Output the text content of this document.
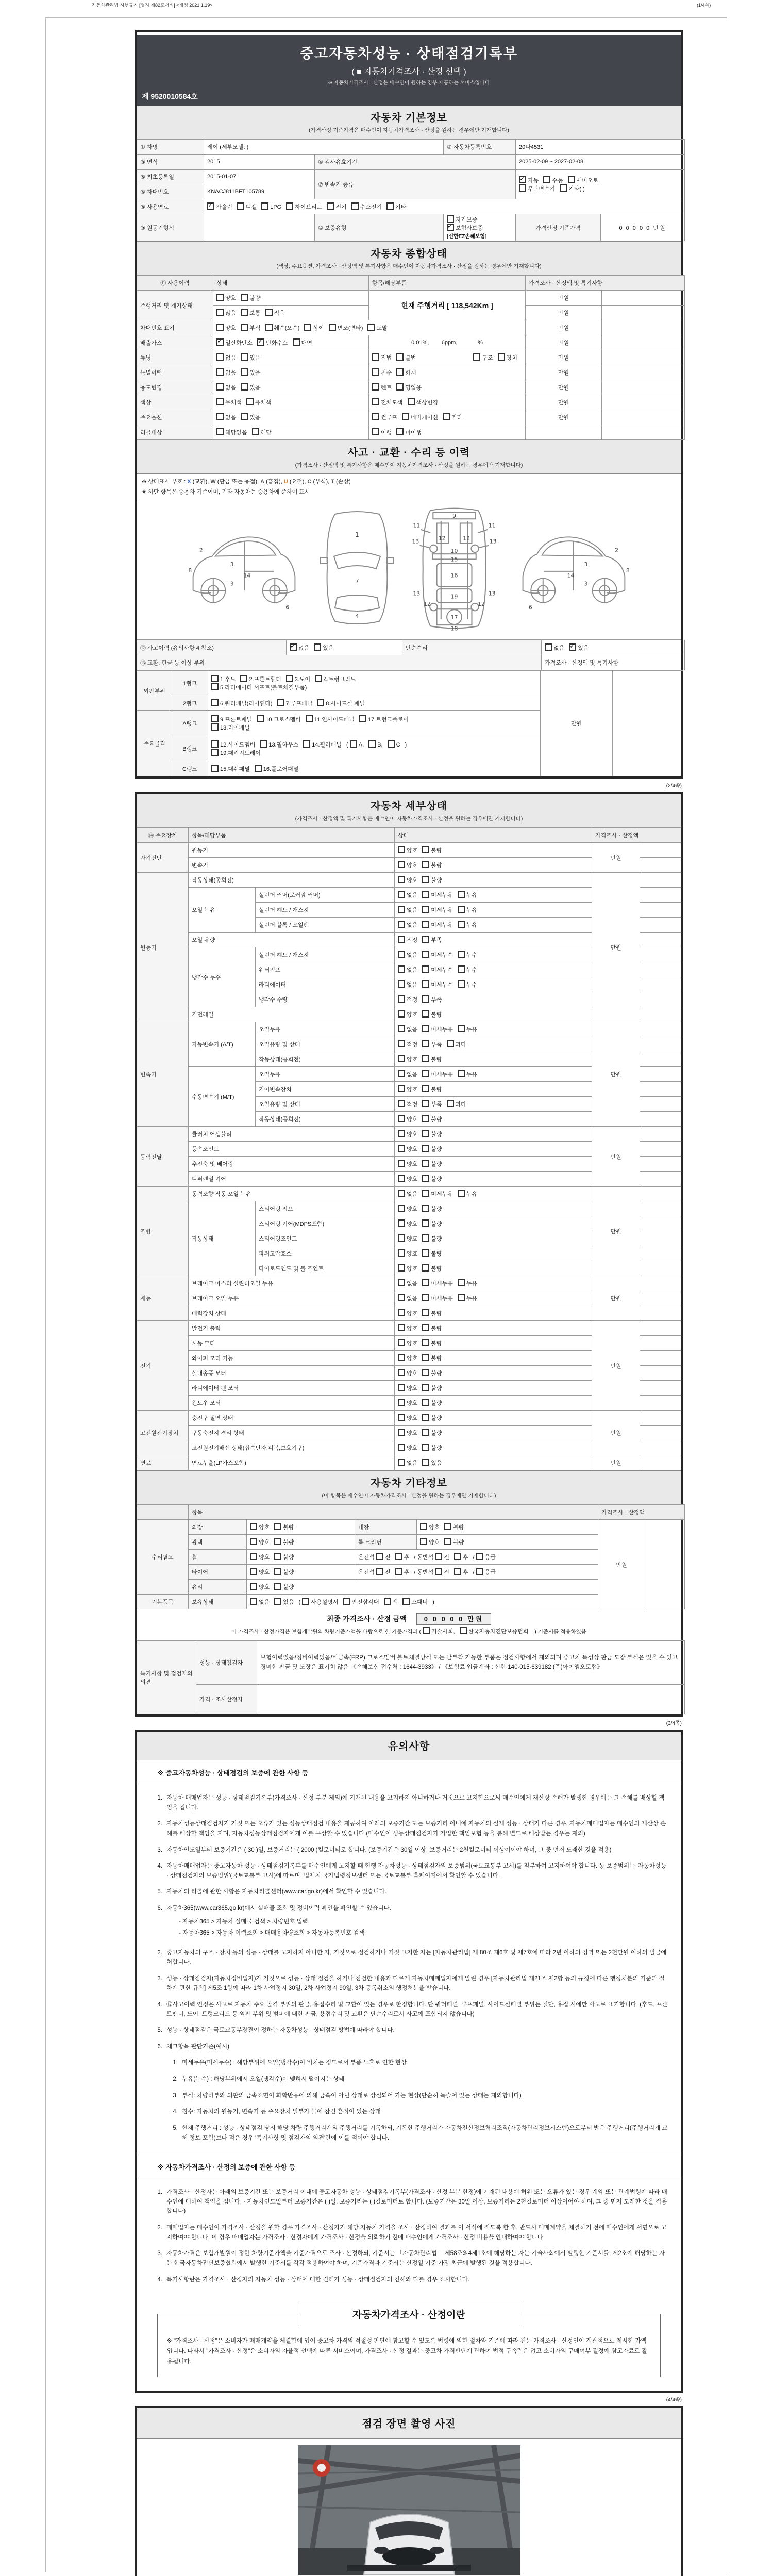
자동차관리법 시행규칙 [별지 제82호서식] <개정 2021.1.19>	(1/4쪽)
중고자동차성능 · 상태점검기록부
( ■ 자동차가격조사 · 산정 선택 )
※ 자동차가격조사 · 산정은 매수인이 원하는 경우 제공하는 서비스입니다
제 9520010584호
자동차 기본정보
(가격산정 기준가격은 매수인이 자동차가격조사 · 산정을 원하는 경우에만 기재합니다)
① 차명	레이 (세부모델: )		② 자동차등록번호	20다4531	
③ 연식	2015	④ 검사유효기간		2025-02-09 ~ 2027-02-08	
⑤ 최초등록일	2015-01-07	⑦ 변속기 종류	
✓자동 수동 세미오토
무단변속기 기타( )

⑥ 차대번호	KNACJ811BFT105789				
⑧ 사용연료	✓가솔린 디젤 LPG 하이브리드 전기 수소전기 기타
⑨ 원동기형식		⑩ 보증유형	자가보증✓보험사보증[신한EZ손해보험]	가격산정 기준가격	0 0 0 0 0 만원
자동차 종합상태
(색상, 주요옵션, 가격조사 · 산정액 및 특기사항은 매수인이 자동차가격조사 · 산정을 원하는 경우에만 기재합니다)
⑪ 사용이력	상태	항목/해당부품	가격조사 · 산정액 및 특기사항	
주행거리 및 계기상태	양호 불량	현재 주행거리 [ 118,542Km ]	만원	
	많음 보통 적음		만원	
차대번호 표기	양호 부식 훼손(오손) 상이 변조(변타) 도말		만원	
배출가스	✓일산화탄소 ✓ 탄화수소 매연	0.01%,        6ppm,             %	만원	
튜닝	없음 있음	적법 불법 구조 장치	만원	
특별이력	없음 있음	침수 화재	만원	
용도변경	없음 있음	렌트 영업용	만원	
색상	무채색 유채색	전체도색 색상변경	만원	
주요옵션	없음 있음	썬루프 네비게이션 기타	만원	
리콜대상	해당없음 해당	이행 미이행		
사고 · 교환 · 수리 등 이력
(가격조사 · 산정액 및 특기사항은 매수인이 자동차가격조사 · 산정을 원하는 경우에만 기재합니다)
※ 상태표시 부호 : X (교환), W (판금 또는 용접), A (흠집), U (요철), C (부식), T (손상)
※ 하단 항목은 승용차 기준이며, 기타 자동차는 승용차에 준하여 표시
2
8
3
14
3
6
1
7
4
11
9
11
13	12	12	13
10
15
16
13	19	13
12
17
12
18
2
8
3
14
3
6
⑫ 사고이력 (유의사항 4.참조)	✓없음 있음	단순수리	없음 ✓ 있음
⑬ 교환, 판금 등 이상 부위			가격조사 · 산정액 및 특기사항
외판부위	1랭크	1.후드 2.프론트휀더 3.도어 4.트렁크리드
5.라디에이터 서포트(볼트체결부품)	만원	
	2랭크	6.쿼터패널(리어휀다) 7.루프패널 8.사이드실 패널		

주요골격	A랭크	9.프론트패널 10.크로스멤버 11.인사이드패널 17.트렁크플로어
18.리어패널		

	B랭크	12.사이드멤버 13.휠하우스 14.필러패널 ( A, B, C )
19.패키지트레이		

	C랭크	15.대쉬패널 16.플로어패널		
(2/4쪽)
자동차 세부상태
(가격조사 · 산정액 및 특기사항은 매수인이 자동차가격조사 · 산정을 원하는 경우에만 기재합니다)
⑭ 주요장치	항목/해당부품		상태	가격조사 · 산정액	
자기진단	원동기		양호 불량	만원	
	변속기		양호 불량		
원동기	작동상태(공회전)		양호 불량	만원	
	오일 누유	실린더 커버(로커암 커버)	없음 미세누유 누유		
		실린더 헤드 / 개스킷	없음 미세누유 누유		
		실린더 블록 / 오일팬	없음 미세누유 누유		
	오일 유량		적정 부족		
	냉각수 누수	실린더 헤드 / 개스킷	없음 미세누수 누수		
		워터펌프	없음 미세누수 누수		
		라디에이터	없음 미세누수 누수		
		냉각수 수량	적정 부족		
	커먼레일		양호 불량		
변속기	자동변속기 (A/T)	오일누유	없음 미세누유 누유	만원	
		오일유량 및 상태	적정 부족 과다		
		작동상태(공회전)	양호 불량		
	수동변속기 (M/T)	오일누유	없음 미세누유 누유		
		기어변속장치	양호 불량		
		오일유량 및 상태	적정 부족 과다		
		작동상태(공회전)	양호 불량		
동력전달	클러치 어셈블리		양호 불량	만원	
	등속조인트		양호 불량		
	추진축 및 베어링		양호 불량		
	디퍼렌셜 기어		양호 불량		
조향	동력조향 작동 오일 누유		없음 미세누유 누유	만원	
	작동상태	스티어링 펌프	양호 불량		
		스티어링 기어(MDPS포함)	양호 불량		
		스티어링조인트	양호 불량		
		파워고압호스	양호 불량		
		타이로드엔드 및 볼 조인트	양호 불량		
제동	브레이크 마스터 실린더오일 누유		없음 미세누유 누유	만원	
	브레이크 오일 누유		없음 미세누유 누유		
	배력장치 상태		양호 불량		
전기	발전기 출력		양호 불량	만원	
	시동 모터		양호 불량		
	와이퍼 모터 기능		양호 불량		
	실내송풍 모터		양호 불량		
	라디에이터 팬 모터		양호 불량		
	윈도우 모터		양호 불량		
고전원전기장치	충전구 절연 상태		양호 불량	만원	
	구동축전지 격리 상태		양호 불량		
	고전원전기배선 상태(접속단자,피복,보호기구)		양호 불량		
연료	연료누출(LP가스포함)		없음 있음	만원	
자동차 기타정보
(이 항목은 매수인이 자동차가격조사 · 산정을 원하는 경우에만 기재합니다)
	항목				가격조사 · 산정액	
수리필요	외장	양호 불량	내장	양호 불량	만원	
	광택	양호 불량	룸 크리닝	양호 불량		
	휠	양호 불량	운전석 전 후 / 동반석 전 후 / 응급			
	타이어	양호 불량	운전석 전 후 / 동반석 전 후 / 응급			
	유리	양호 불량				
기본품목	보유상태	없음 있음 ( 사용설명서 안전삼각대 잭 스패너 )				
최종 가격조사 · 산정 금액	0 0 0 0 0 만원
이 가격조사 · 산정가격은 보험개발원의 차량기준가액을 바탕으로 한 기준가격과 ( 기술사회, 한국자동차진단보증협회 ) 기준서를 적용하였음
특기사항 및 점검자의 의견	성능 · 상태점검자	보험이력있음/정비이력있음/비금속(FRP),크로스멤버 볼트체결방식 또는 탈부착 가능한 부품은 점검사항에서 제외되며 중고차 특성상 판금 도장 부식은 있을 수 있고 경미한 판금 및 도장은 표기치 않음 《손해보험 접수처 : 1644-3933》 / 《보험료 입금계좌 : 신한 140-015-639182 (주)아이엠오토랩》
	가격 · 조사산정자	
(3/4쪽)
유의사항
※ 중고자동차성능 · 상태점검의 보증에 관한 사항 등
1. 자동차 매매업자는 성능 · 상태점검기록부(가격조사 · 산정 부분 제외)에 기재된 내용을 고지하지 아니하거나 거짓으로 고지함으로써 매수인에게 재산상 손해가 발생한 경우에는 그 손해를 배상할 책임을 집니다.
2. 자동차성능상태점검자가 거짓 또는 오류가 있는 성능상태점검 내용을 제공하여 아래의 보증기간 또는 보증거리 이내에 자동차의 실제 성능 · 상태가 다른 경우, 자동차매매업자는 매수인의 재산상 손해를 배상할 책임을 지며, 자동차성능상태점검자에게 이를 구상할 수 있습니다.(매수인이 성능상태점검자가 가입한 책임보험 등을 통해 별도로 배상받는 경우는 제외)
3. 자동차인도일부터 보증기간은 ( 30 )일, 보증거리는 ( 2000 )킬로미터로 합니다. (보증기간은 30일 이상, 보증거리는 2천킬로미터 이상이어야 하며, 그 중 먼저 도래한 것을 적용)
4. 자동차매매업자는 중고자동차 성능 · 상태점검기록부를 매수인에게 고지할 때 현행 자동차성능 · 상태점검자의 보증범위(국토교통부 고시)를 첨부하여 고지하여야 합니다. 동 보증범위는 '자동차성능 · 상태점검자의 보증범위'(국토교통부 고시)에 따르며, 법제처 국가법령정보센터 또는 국토교통부 홈페이지에서 확인할 수 있습니다.
5. 자동차의 리콜에 관한 사항은 자동차리콜센터(www.car.go.kr)에서 확인할 수 있습니다.
6. 자동차365(www.car365.go.kr)에서 실매물 조회 및 정비이력 확인을 확인할 수 있습니다.
- 자동차365 > 자동차 실매물 검색 > 차량번호 입력
- 자동차365 > 자동차 이력조회 > 매매용차량조회 > 자동차등록번호 검색
2. 중고자동차의 구조 · 장치 등의 성능 · 상태를 고지하지 아니한 자, 거짓으로 점검하거나 거짓 고지한 자는 [자동차관리법] 제 80조 제6호 및 제7호에 따라 2년 이하의 징역 또는 2천만원 이하의 벌금에 처합니다.
3. 성능 · 상태점검자(자동차정비업자)가 거짓으로 성능 · 상태 점검을 하거나 점검한 내용과 다르게 자동차매매업자에게 알린 경우 [자동차관리법 제21조 제2항 등의 규정에 따른 행정처분의 기준과 절차에 관한 규칙] 제5조 1항에 따라 1차 사업정지 30일, 2차 사업정지 90일, 3차 등록취소의 행정처분을 받습니다.
4. ⑫사고이력 인정은 사고로 자동차 주요 골격 부위의 판금, 용접수리 및 교환이 있는 경우로 한정합니다. 단 쿼터패널, 루프패널, 사이드실패널 부위는 절단, 용접 시에만 사고로 표기합니다. (후드, 프론트펜더, 도어, 트렁크리드 등 외판 부위 및 범퍼에 대한 판금, 용접수리 및 교환은 단순수리로서 사고에 포함되지 않습니다)
5. 성능 · 상태점검은 국토교통부장관이 정하는 자동차성능 · 상태점검 방법에 따라야 합니다.
6. 체크항목 판단기준(예시)
1. 미세누유(미세누수) : 해당부위에 오일(냉각수)이 비치는 정도로서 부품 노후로 인한 현상
2. 누유(누수) : 해당부위에서 오일(냉각수)이 맺혀서 떨어지는 상태
3. 부식: 차량하부와 외판의 금속표면이 화학반응에 의해 금속이 아닌 상태로 상실되어 가는 현상(단순히 녹슬어 있는 상태는 제외합니다)
4. 침수: 자동차의 원동기, 변속기 등 주요장치 일부가 물에 잠긴 흔적이 있는 상태
5. 현재 주행거리 : 성능 · 상태점검 당시 해당 차량 주행거리계의 주행거리를 기록하되, 기록한 주행거리가 자동차전산정보처리조직(자동차관리정보시스템)으로부터 받은 주행거리(주행거리계 교체 정보 포함)보다 적은 경우 '특기사항 및 점검자의 의견'란에 이를 적어야 합니다.
※ 자동차가격조사 · 산정의 보증에 관한 사항 등
1. 가격조사 · 산정자는 아래의 보증기간 또는 보증거리 이내에 중고자동차 성능 · 상태점검기록부(가격조사 · 산정 부분 한정)에 기재된 내용에 허위 또는 오류가 있는 경우 계약 또는 관계법령에 따라 매수인에 대하여 책임을 집니다. · 자동차인도일부터 보증기간은 ( )일, 보증거리는 ( )킬로미터로 합니다. (보증기간은 30일 이상, 보증거리는 2천킬로미터 이상이어야 하며, 그 중 먼저 도래한 것을 적용합니다)
2. 매매업자는 매수인이 가격조사 · 산정을 원할 경우 가격조사 · 산정자가 해당 자동차 가격을 조사 · 산정하여 결과를 이 서식에 적도록 한 후, 반드시 매매계약을 체결하기 전에 매수인에게 서면으로 고지하여야 합니다. 이 경우 매매업자는 가격조사 · 산정자에게 가격조사 · 산정을 의뢰하기 전에 매수인에게 가격조사 · 산정 비용을 안내하여야 합니다.
3. 자동차가격은 보험개발원이 정한 차량기준가액을 기준가격으로 조사 · 산정하되, 기준서는 「자동차관리법」 제58조의4제1호에 해당하는 자는 기술사회에서 발행한 기준서를, 제2호에 해당하는 자는 한국자동차진단보증협회에서 발행한 기준서를 각각 적용하여야 하며, 기준가격과 기준서는 산정일 기준 가장 최근에 발행된 것을 적용합니다.
4. 특기사항란은 가격조사 · 산정자의 자동차 성능 · 상태에 대한 견해가 성능 · 상태점검자의 견해와 다를 경우 표시합니다.
자동차가격조사 · 산정이란
※ "가격조사 · 산정"은 소비자가 매매계약을 체결함에 있어 중고차 가격의 적절성 판단에 참고할 수 있도록 법령에 의한 절차와 기준에 따라 전문 가격조사 · 산정인이 객관적으로 제시한 가액입니다. 따라서 "가격조사 · 산정"은 소비자의 자율적 선택에 따른 서비스이며, 가격조사 · 산정 결과는 중고차 가격판단에 관하여 법적 구속력은 없고 소비자의 구매여부 결정에 참고자료로 활용됩니다.
(4/4쪽)
점검 장면 촬영 사진
